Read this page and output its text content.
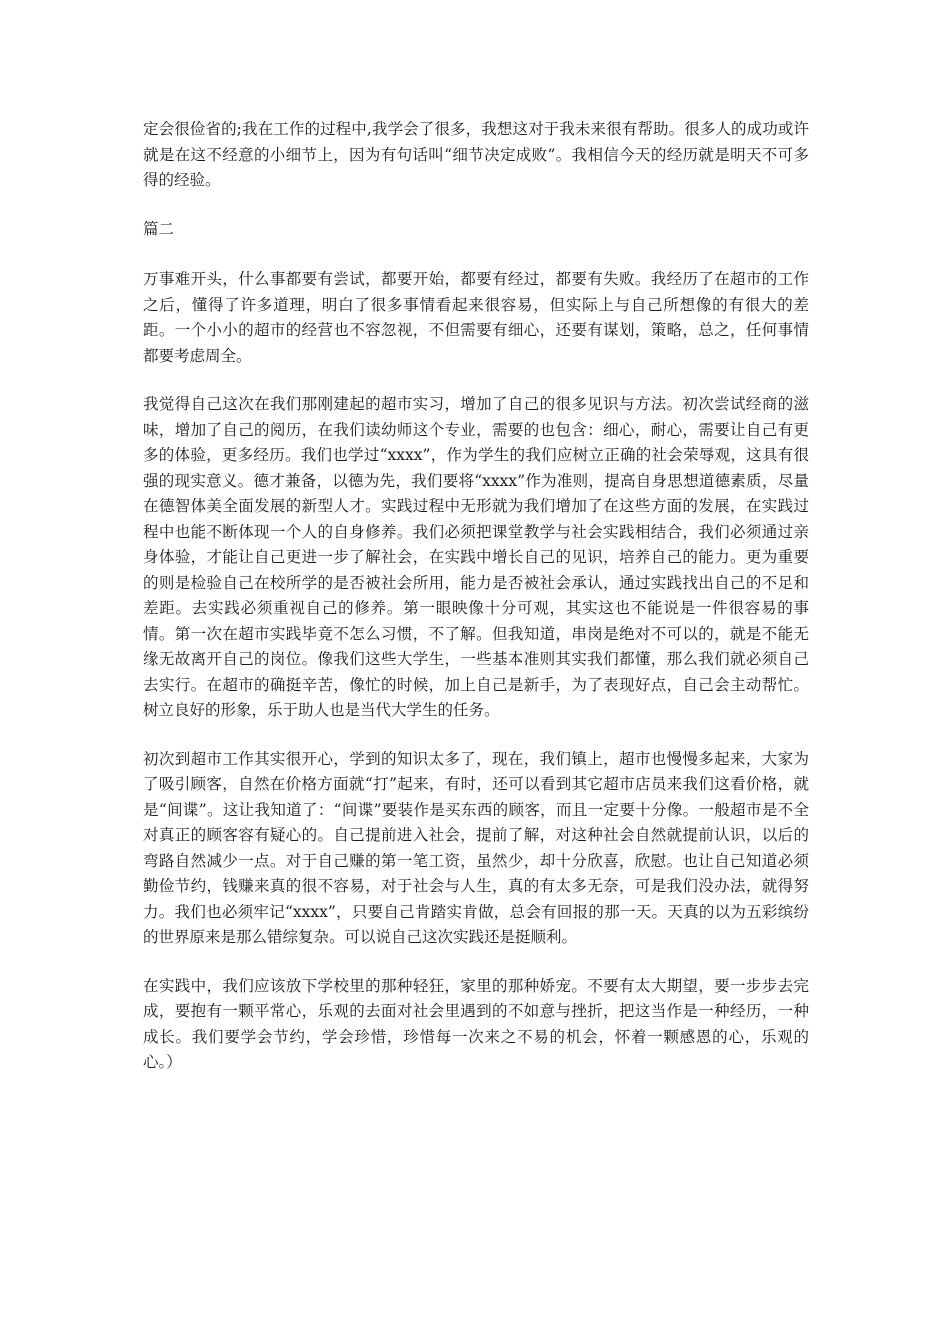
定会很俭省的;我在工作的过程中,我学会了很多，我想这对于我未来很有帮助。很多人的成功或许就是在这不经意的小细节上，因为有句话叫“细节决定成败”。我相信今天的经历就是明天不可多得的经验。

篇二

万事难开头，什么事都要有尝试，都要开始，都要有经过，都要有失败。我经历了在超市的工作之后，懂得了许多道理，明白了很多事情看起来很容易，但实际上与自己所想像的有很大的差距。一个小小的超市的经营也不容忽视，不但需要有细心，还要有谋划，策略，总之，任何事情都要考虑周全。

我觉得自己这次在我们那刚建起的超市实习，增加了自己的很多见识与方法。初次尝试经商的滋味，增加了自己的阅历，在我们读幼师这个专业，需要的也包含：细心，耐心，需要让自己有更多的体验，更多经历。我们也学过“xxxx”，作为学生的我们应树立正确的社会荣辱观，这具有很强的现实意义。德才兼备，以德为先，我们要将“xxxx”作为准则，提高自身思想道德素质，尽量在德智体美全面发展的新型人才。实践过程中无形就为我们增加了在这些方面的发展，在实践过程中也能不断体现一个人的自身修养。我们必须把课堂教学与社会实践相结合，我们必须通过亲身体验，才能让自己更进一步了解社会，在实践中增长自己的见识，培养自己的能力。更为重要的则是检验自己在校所学的是否被社会所用，能力是否被社会承认，通过实践找出自己的不足和差距。去实践必须重视自己的修养。第一眼映像十分可观，其实这也不能说是一件很容易的事情。第一次在超市实践毕竟不怎么习惯，不了解。但我知道，串岗是绝对不可以的，就是不能无缘无故离开自己的岗位。像我们这些大学生，一些基本准则其实我们都懂，那么我们就必须自己去实行。在超市的确挺辛苦，像忙的时候，加上自己是新手，为了表现好点，自己会主动帮忙。树立良好的形象，乐于助人也是当代大学生的任务。

初次到超市工作其实很开心，学到的知识太多了，现在，我们镇上，超市也慢慢多起来，大家为了吸引顾客，自然在价格方面就“打”起来，有时，还可以看到其它超市店员来我们这看价格，就是“间谍”。这让我知道了：“间谍”要装作是买东西的顾客，而且一定要十分像。一般超市是不全对真正的顾客容有疑心的。自己提前进入社会，提前了解，对这种社会自然就提前认识，以后的弯路自然减少一点。对于自己赚的第一笔工资，虽然少，却十分欣喜，欣慰。也让自己知道必须勤俭节约，钱赚来真的很不容易，对于社会与人生，真的有太多无奈，可是我们没办法，就得努力。我们也必须牢记“xxxx”，只要自己肯踏实肯做，总会有回报的那一天。天真的以为五彩缤纷的世界原来是那么错综复杂。可以说自己这次实践还是挺顺利。

在实践中，我们应该放下学校里的那种轻狂，家里的那种娇宠。不要有太大期望，要一步步去完成，要抱有一颗平常心，乐观的去面对社会里遇到的不如意与挫折，把这当作是一种经历，一种成长。我们要学会节约，学会珍惜，珍惜每一次来之不易的机会，怀着一颗感恩的心，乐观的心。）
